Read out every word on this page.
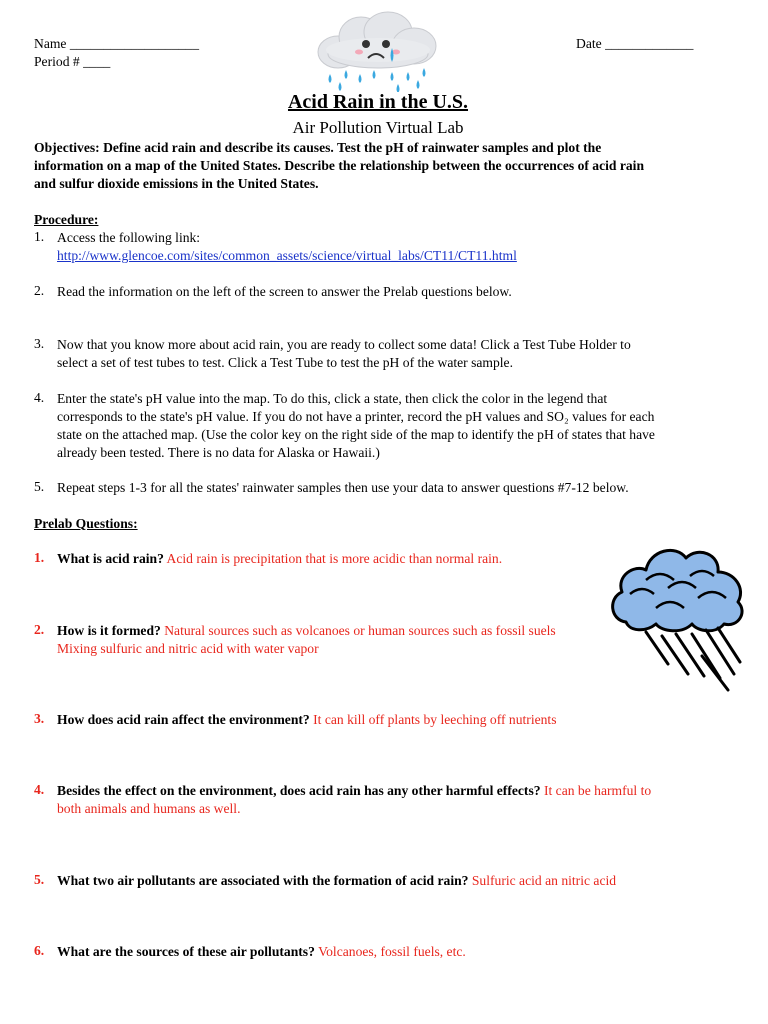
Name ___________________
Period # ____
Date _____________
Acid Rain in the U.S.
Air Pollution Virtual Lab
Objectives: Define acid rain and describe its causes. Test the pH of rainwater samples and plot the
information on a map of the United States. Describe the relationship between the occurrences of acid rain
and sulfur dioxide emissions in the United States.
Procedure:
1. Access the following link:
http://www.glencoe.com/sites/common_assets/science/virtual_labs/CT11/CT11.html
2. Read the information on the left of the screen to answer the Prelab questions below.
3. Now that you know more about acid rain, you are ready to collect some data! Click a Test Tube Holder to
select a set of test tubes to test. Click a Test Tube to test the pH of the water sample.
4. Enter the state's pH value into the map. To do this, click a state, then click the color in the legend that
corresponds to the state's pH value. If you do not have a printer, record the pH values and SO₂ values for each
state on the attached map. (Use the color key on the right side of the map to identify the pH of states that have
already been tested. There is no data for Alaska or Hawaii.)
5. Repeat steps 1-3 for all the states' rainwater samples then use your data to answer questions #7-12 below.
Prelab Questions:
1. What is acid rain? Acid rain is precipitation that is more acidic than normal rain.
2. How is it formed? Natural sources such as volcanoes or human sources such as fossil suels
Mixing sulfuric and nitric acid with water vapor
3. How does acid rain affect the environment? It can kill off plants by leeching off nutrients
4. Besides the effect on the environment, does acid rain has any other harmful effects? It can be harmful to
both animals and humans as well.
5. What two air pollutants are associated with the formation of acid rain? Sulfuric acid an nitric acid
6. What are the sources of these air pollutants? Volcanoes, fossil fuels, etc.
